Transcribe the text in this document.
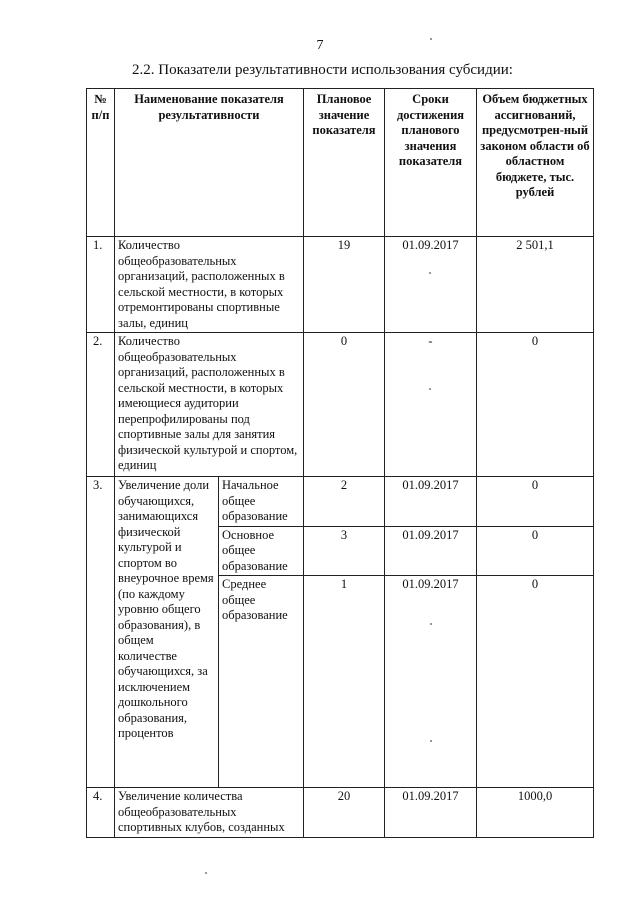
7
2.2. Показатели результативности использования субсидии:
№ п/п	Наименование показателя результативности		Плановое значение показателя	Сроки достижения планового значения показателя	Объем бюджетных ассигнований, предусмотрен-ный законом области об областном бюджете, тыс. рублей
1.	Количество общеобразовательных организаций, расположенных в сельской местности, в которых отремонтированы спортивные залы, единиц		19	01.09.2017	2 501,1
2.	Количество общеобразовательных организаций, расположенных в сельской местности, в которых имеющиеся аудитории перепрофилированы под спортивные залы для занятия физической культурой и спортом, единиц		0	-	0
3.	Увеличение доли обучающихся, занимающихся физической культурой и спортом во внеурочное время (по каждому уровню общего образования), в общем количестве обучающихся, за исключением дошкольного образования, процентов	Начальное общее образование	2	01.09.2017	0
		Основное общее образование	3	01.09.2017	0
		Среднее общее образование	1	01.09.2017	0
4.	Увеличение количества общеобразовательных спортивных клубов, созданных		20	01.09.2017	1000,0
